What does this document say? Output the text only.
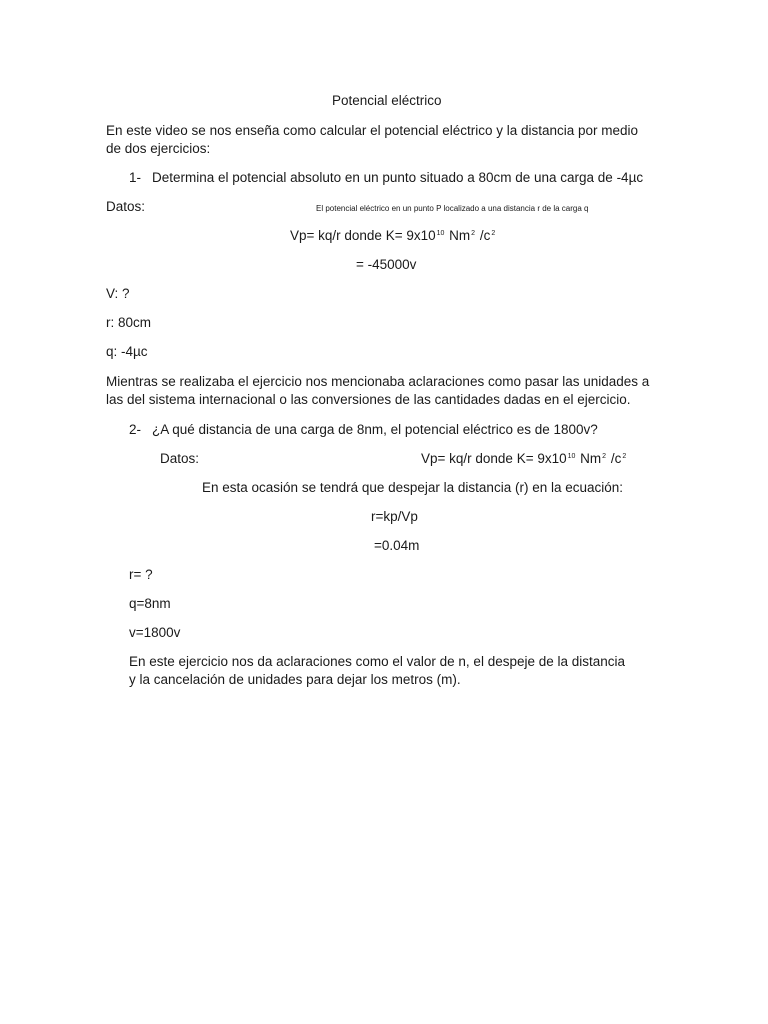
Potencial eléctrico
En este video se nos enseña como calcular el potencial eléctrico y la distancia por medio de dos ejercicios:
1- Determina el potencial absoluto en un punto situado a 80cm de una carga de -4µc
Datos:	El potencial eléctrico en un punto P localizado a una distancia r de la carga q
Vp= kq/r donde $K= 9x10^{10}$ Nm$^2$ $/c^2$
= -45000v
V: ?
r: 80cm
q: -4µc
Mientras se realizaba el ejercicio nos mencionaba aclaraciones como pasar las unidades a las del sistema internacional o las conversiones de las cantidades dadas en el ejercicio.
2- ¿A qué distancia de una carga de 8nm, el potencial eléctrico es de 1800v?
Datos:	Vp= kq/r donde $K= 9x10^{10}$ Nm$^2$ $/c^2$
En esta ocasión se tendrá que despejar la distancia (r) en la ecuación:
r=kp/Vp
=0.04m
r= ?
q=8nm
v=1800v
En este ejercicio nos da aclaraciones como el valor de n, el despeje de la distancia y la cancelación de unidades para dejar los metros (m).
